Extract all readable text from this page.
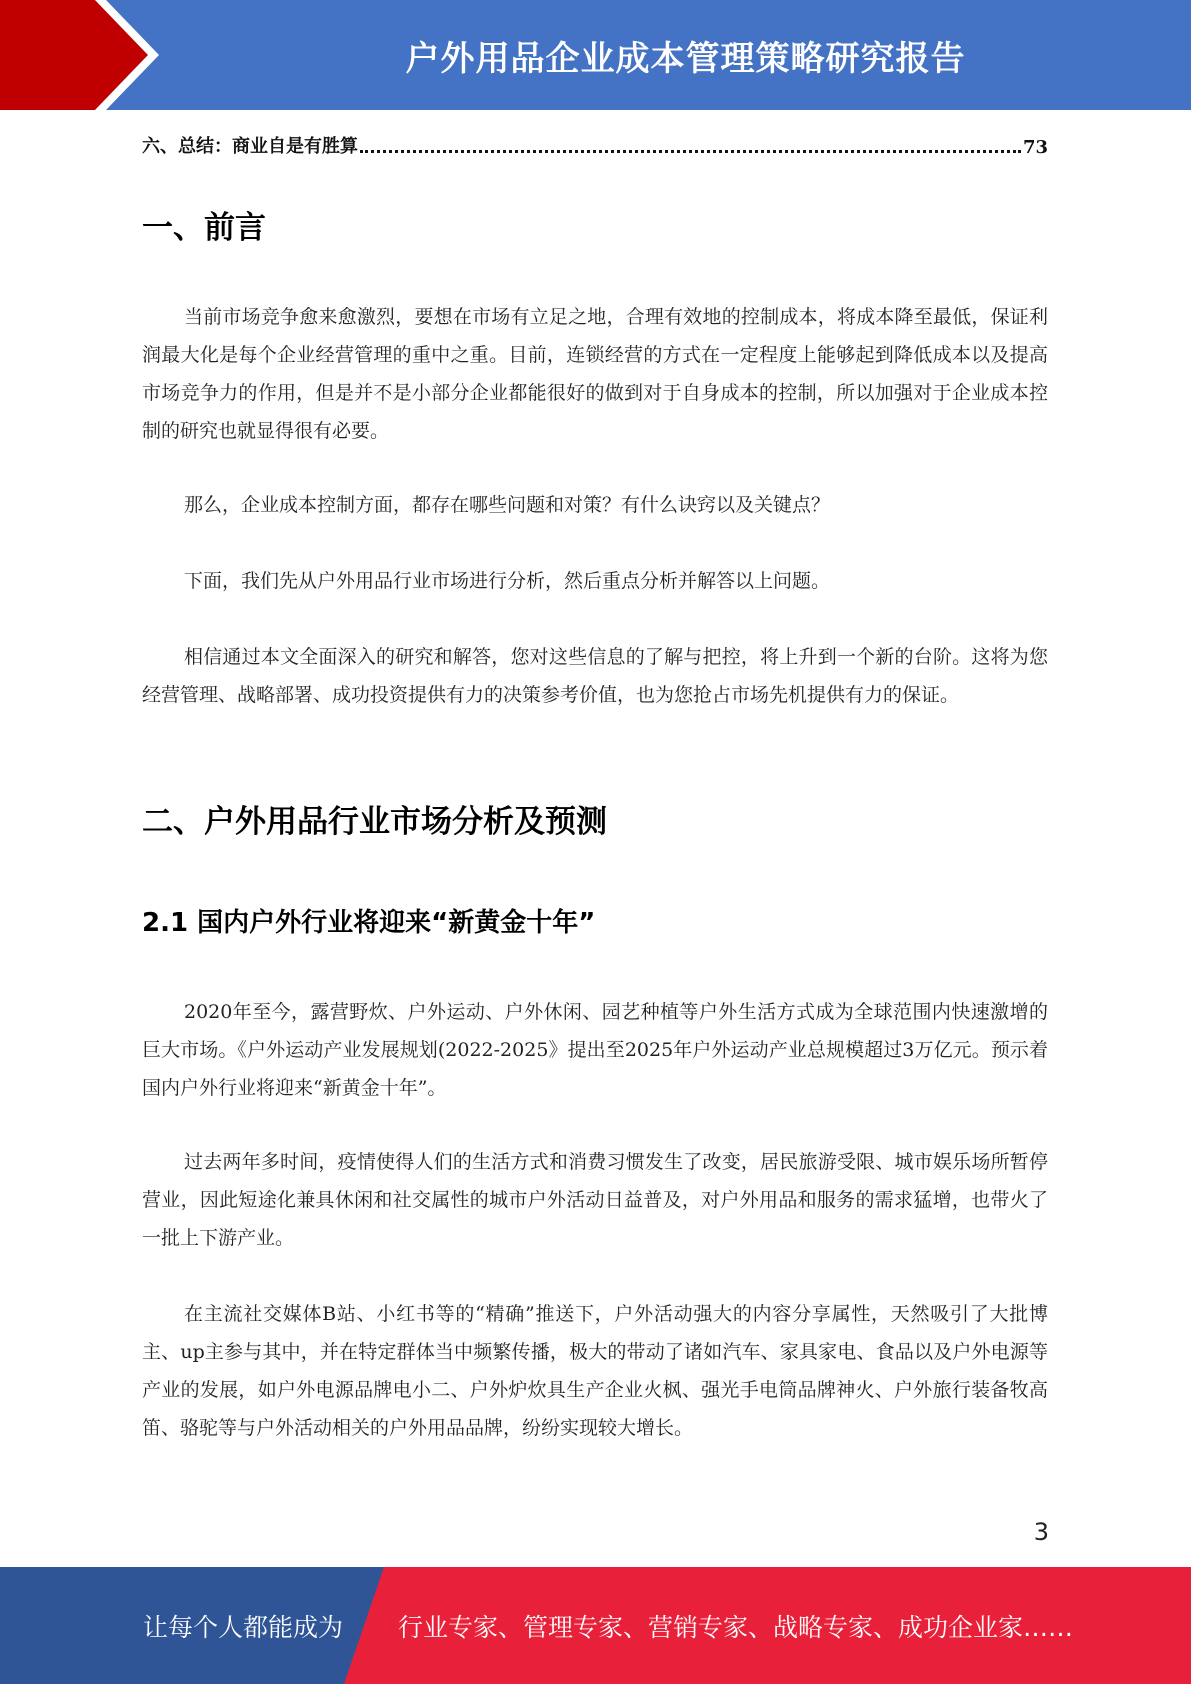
户外用品企业成本管理策略研究报告
六、总结：商业自是有胜算	73
一、前言

当前市场竞争愈来愈激烈，要想在市场有立足之地，合理有效地的控制成本，将成本降至最低，保证利润最大化是每个企业经营管理的重中之重。目前，连锁经营的方式在一定程度上能够起到降低成本以及提高市场竞争力的作用，但是并不是小部分企业都能很好的做到对于自身成本的控制，所以加强对于企业成本控制的研究也就显得很有必要。

那么，企业成本控制方面，都存在哪些问题和对策？有什么诀窍以及关键点？

下面，我们先从户外用品行业市场进行分析，然后重点分析并解答以上问题。

相信通过本文全面深入的研究和解答，您对这些信息的了解与把控，将上升到一个新的台阶。这将为您经营管理、战略部署、成功投资提供有力的决策参考价值，也为您抢占市场先机提供有力的保证。

二、户外用品行业市场分析及预测
2.1 国内户外行业将迎来“新黄金十年”

2020年至今，露营野炊、户外运动、户外休闲、园艺种植等户外生活方式成为全球范围内快速激增的巨大市场。《户外运动产业发展规划(2022-2025》提出至2025年户外运动产业总规模超过3万亿元。预示着国内户外行业将迎来“新黄金十年”。

过去两年多时间，疫情使得人们的生活方式和消费习惯发生了改变，居民旅游受限、城市娱乐场所暂停营业，因此短途化兼具休闲和社交属性的城市户外活动日益普及，对户外用品和服务的需求猛增，也带火了一批上下游产业。

在主流社交媒体B站、小红书等的“精确”推送下，户外活动强大的内容分享属性，天然吸引了大批博主、up主参与其中，并在特定群体当中频繁传播，极大的带动了诸如汽车、家具家电、食品以及户外电源等产业的发展，如户外电源品牌电小二、户外炉炊具生产企业火枫、强光手电筒品牌神火、户外旅行装备牧高笛、骆驼等与户外活动相关的户外用品品牌，纷纷实现较大增长。

3
让每个人都能成为 行业专家、管理专家、营销专家、战略专家、成功企业家……
